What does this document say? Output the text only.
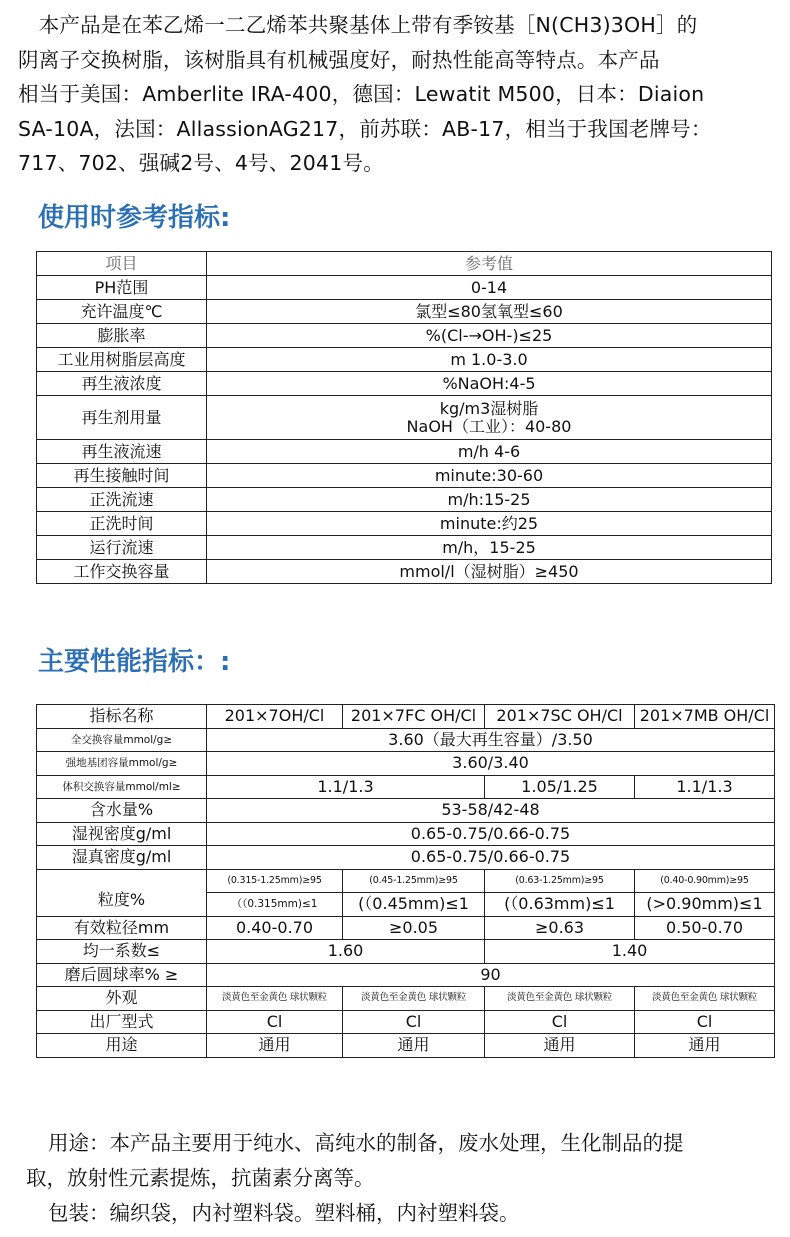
　本产品是在苯乙烯一二乙烯苯共聚基体上带有季铵基［N(CH3)3OH］的

阴离子交换树脂，该树脂具有机械强度好，耐热性能高等特点。本产品

相当于美国：Amberlite IRA-400，德国：Lewatit M500，日本：Diaion

SA-10A，法国：AllassionAG217，前苏联：AB-17，相当于我国老牌号：

717、702、强碱2号、4号、2041号。

使用时参考指标:
项目	参考值
PH范围	0-14
充许温度℃	氯型≤80氢氧型≤60
膨胀率	%(Cl-→OH-)≤25
工业用树脂层高度	m 1.0-3.0
再生液浓度	%NaOH:4-5
再生剂用量	kg/m3湿树脂
NaOH（工业）：40-80

再生液流速	m/h 4-6
再生接触时间	minute:30-60
正洗流速	m/h:15-25
正洗时间	minute:约25
运行流速	m/h，15-25
工作交换容量	mmol/l（湿树脂）≥450
主要性能指标：:
指标名称	201×7OH/Cl	201×7FC OH/Cl	201×7SC OH/Cl	201×7MB OH/Cl
全交换容量mmol/g≥	3.60（最大再生容量）/3.50			
强地基团容量mmol/g≥	3.60/3.40			
体积交换容量mmol/ml≥	1.1/1.3		1.05/1.25	1.1/1.3
含水量%	53-58/42-48			
湿视密度g/ml	0.65-0.75/0.66-0.75			
湿真密度g/ml	0.65-0.75/0.66-0.75			
粒度%	(0.315-1.25mm)≥95	(0.45-1.25mm)≥95	(0.63-1.25mm)≥95	(0.40-0.90mm)≥95
	（（0.315mm)≤1	(（0.45mm)≤1	(（0.63mm)≤1	(>0.90mm)≤1
有效粒径mm	0.40-0.70	≥0.05	≥0.63	0.50-0.70
均一系数≤	1.60		1.40	
磨后圆球率% ≥	90			
外观	淡黄色至金黄色 球状颗粒	淡黄色至金黄色 球状颗粒	淡黄色至金黄色 球状颗粒	淡黄色至金黄色 球状颗粒
出厂型式	Cl	Cl	Cl	Cl
用途	通用	通用	通用	通用

用途：本产品主要用于纯水、高纯水的制备，废水处理，生化制品的提

取，放射性元素提炼，抗菌素分离等。

包装：编织袋，内衬塑料袋。塑料桶，内衬塑料袋。
